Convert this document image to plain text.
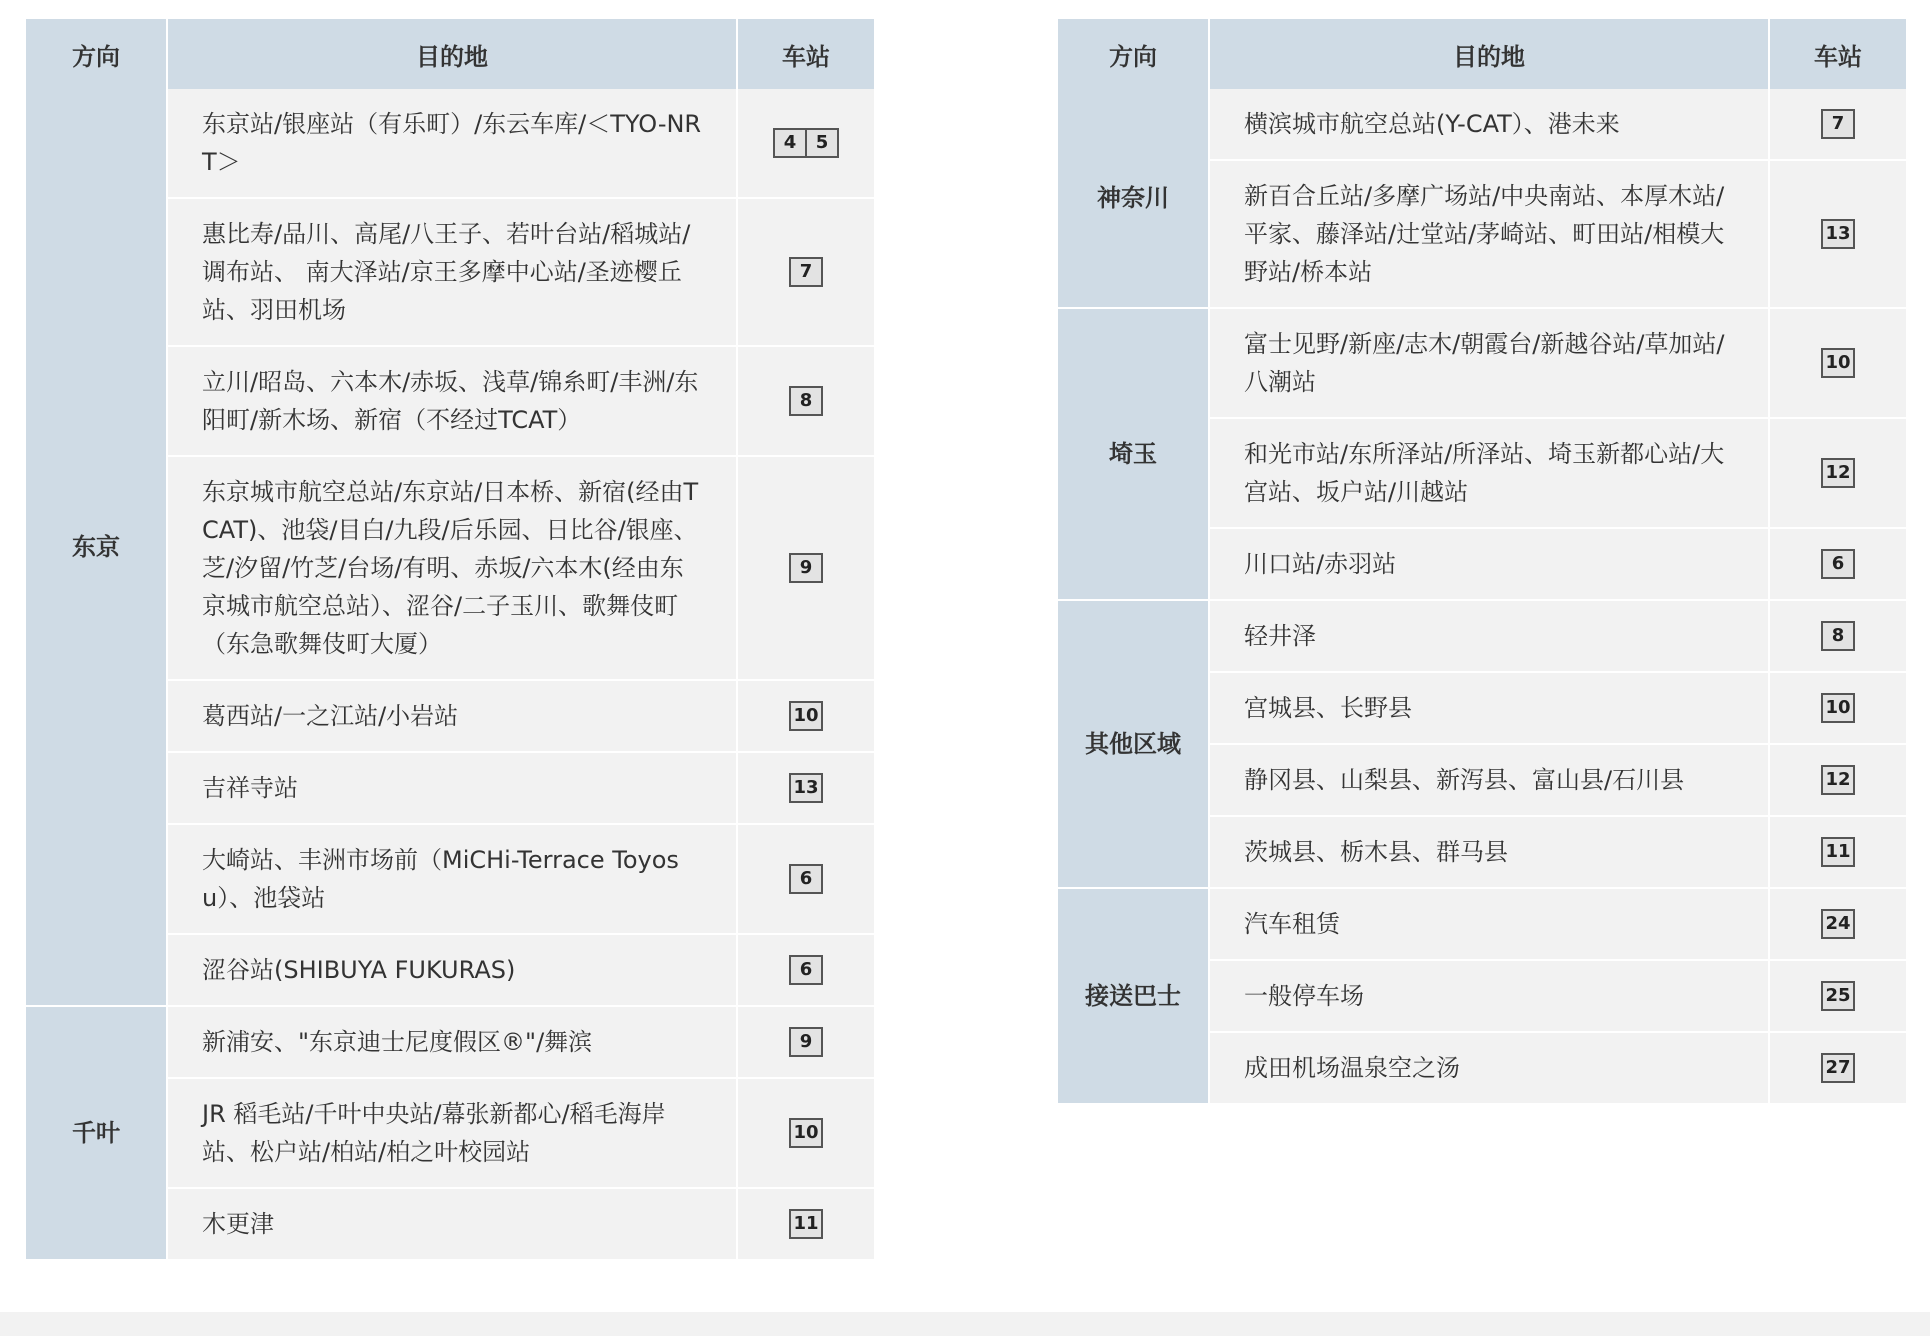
方向	目的地	车站
东京	东京站/银座站（有乐町）/东云车库/＜TYO-NRT＞	4 5
	惠比寿/品川、高尾/八王子、若叶台站/稻城站/调布站、 南大泽站/京王多摩中心站/圣迹樱丘站、羽田机场	7
	立川/昭岛、六本木/赤坂、浅草/锦糸町/丰洲/东阳町/新木场、新宿（不经过TCAT）	8
	东京城市航空总站/东京站/日本桥、新宿(经由TCAT)、池袋/目白/九段/后乐园、日比谷/银座、 芝/汐留/竹芝/台场/有明、赤坂/六本木(经由东京城市航空总站）、涩谷/二子玉川、歌舞伎町（东急歌舞伎町大厦）	9
	葛西站/一之江站/小岩站	10
	吉祥寺站	13
	大崎站、丰洲市场前（MiCHi-Terrace Toyosu）、池袋站	6
	涩谷站(SHIBUYA FUKURAS)	6
千叶	新浦安、"东京迪士尼度假区®"/舞滨	9
	JR 稻毛站/千叶中央站/幕张新都心/稻毛海岸站、松户站/柏站/柏之叶校园站	10
	木更津	11
方向	目的地	车站
神奈川	横滨城市航空总站(Y-CAT）、港未来	7
	新百合丘站/多摩广场站/中央南站、本厚木站/平家、藤泽站/辻堂站/茅崎站、町田站/相模大野站/桥本站	13
埼玉	富士见野/新座/志木/朝霞台/新越谷站/草加站/八潮站	10
	和光市站/东所泽站/所泽站、埼玉新都心站/大宫站、坂户站/川越站	12
	川口站/赤羽站	6
其他区域	轻井泽	8
	宫城县、长野县	10
	静冈县、山梨县、新泻县、富山县/石川县	12
	茨城县、栃木县、群马县	11
接送巴士	汽车租赁	24
	一般停车场	25
	成田机场温泉空之汤	27
